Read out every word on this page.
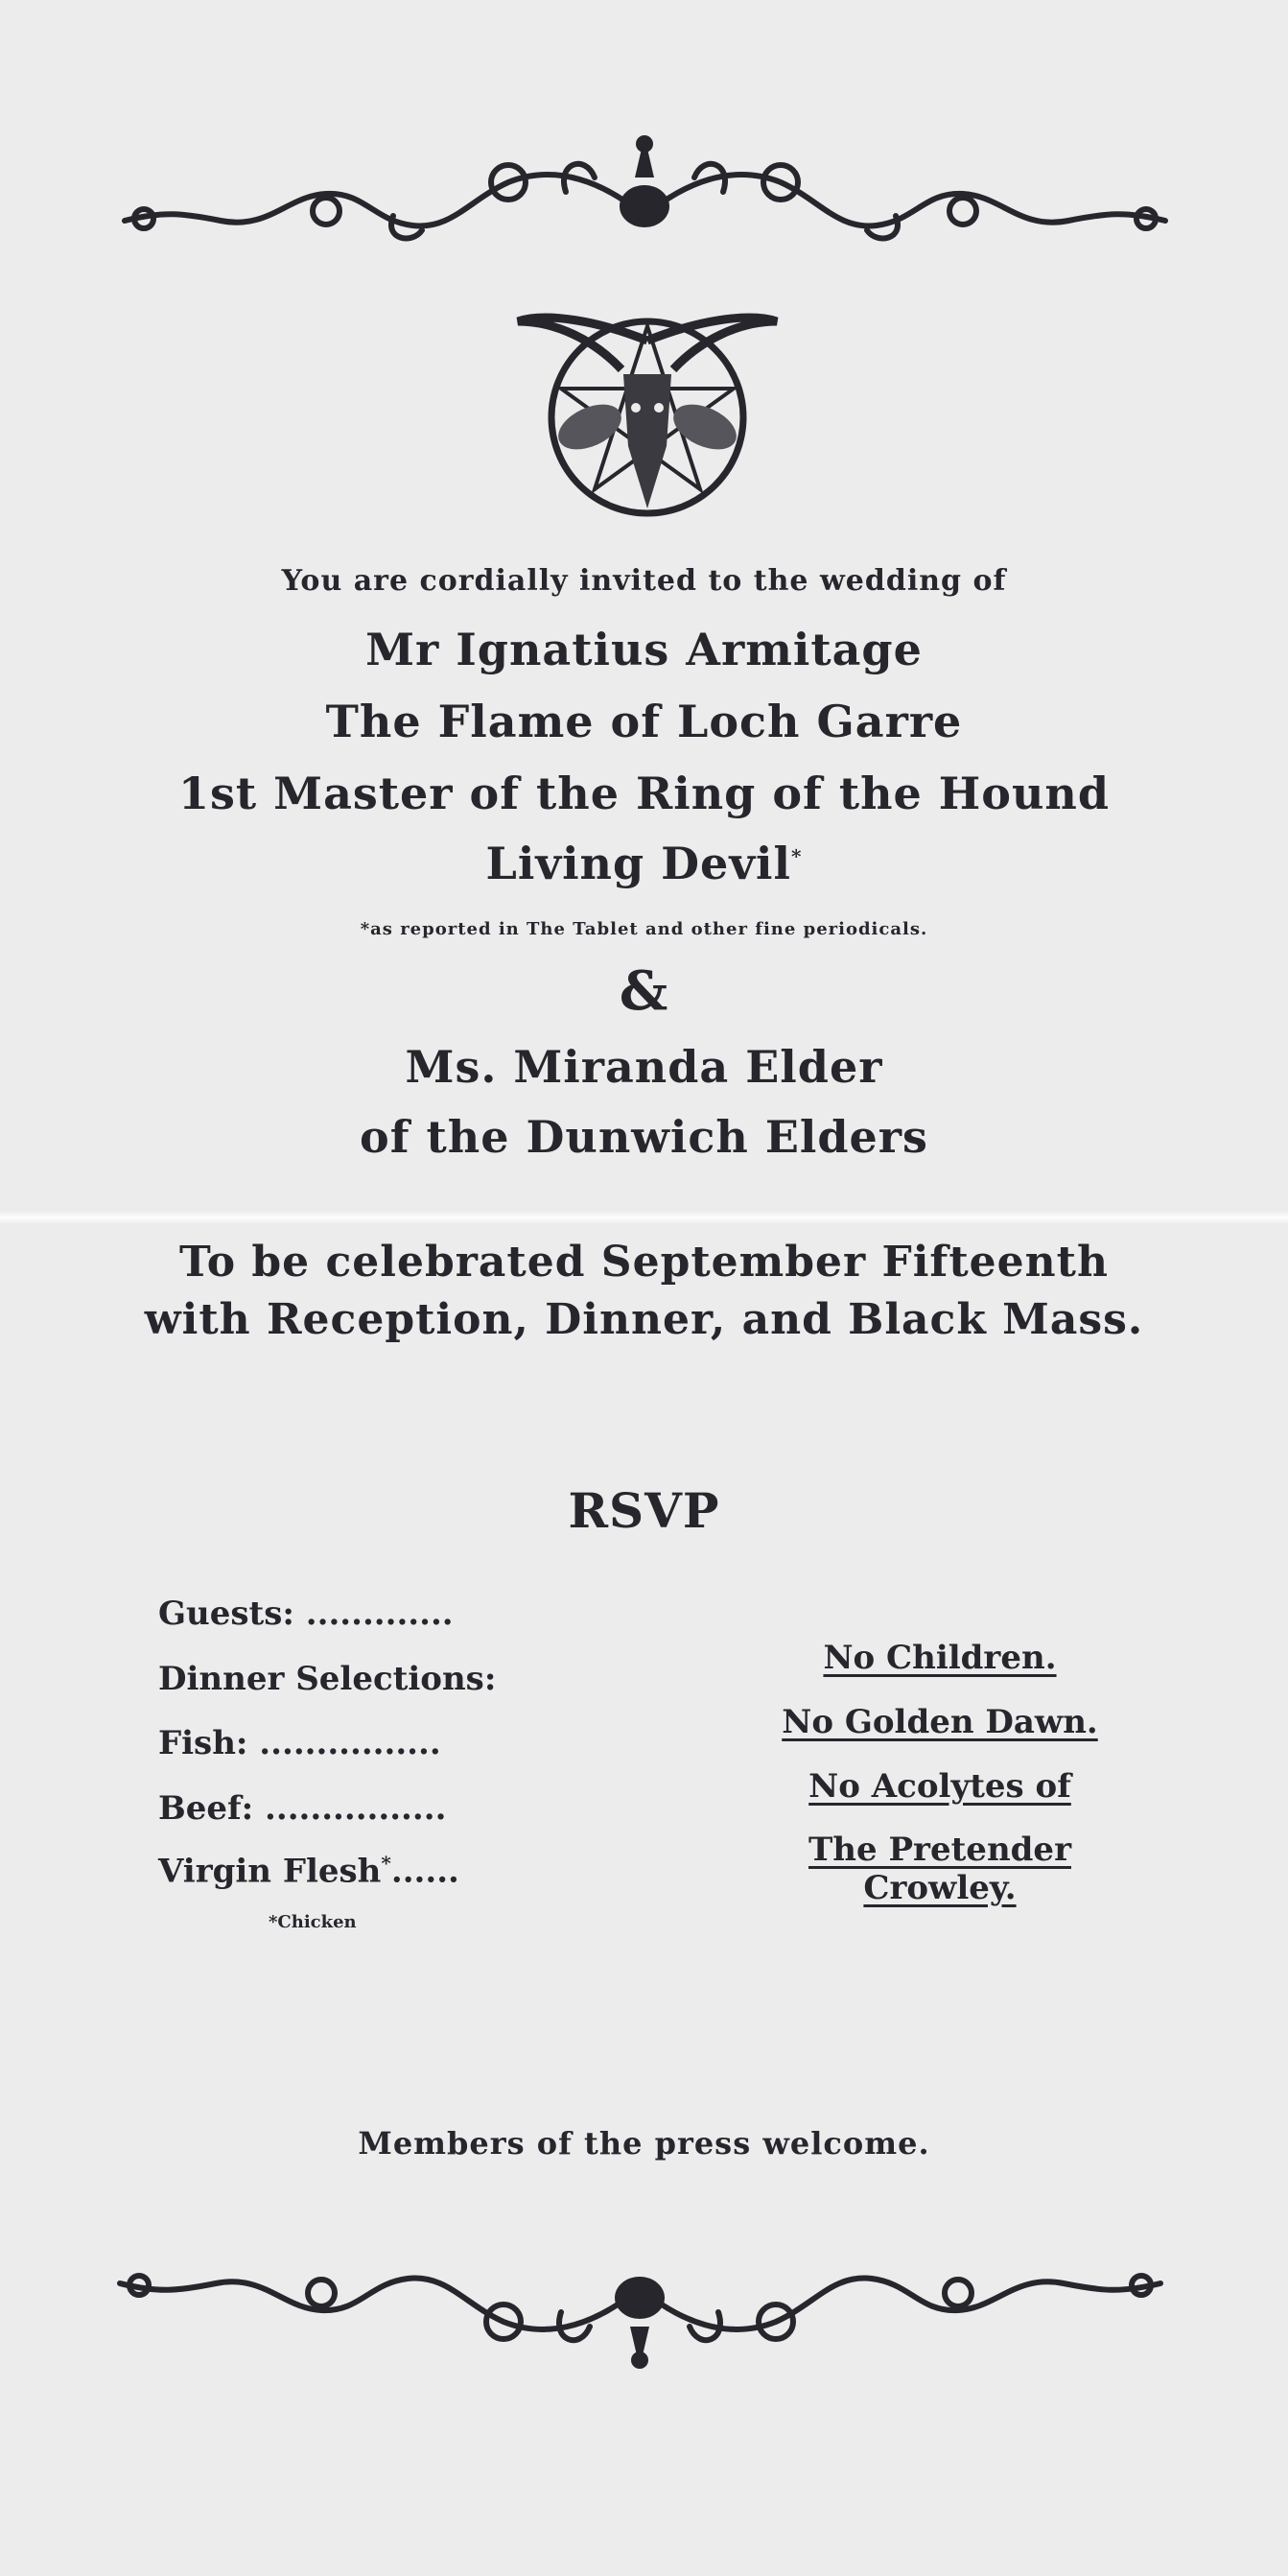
You are cordially invited to the wedding of
Mr Ignatius Armitage
The Flame of Loch Garre
1st Master of the Ring of the Hound
Living Devil*
*as reported in The Tablet and other fine periodicals.
&
Ms. Miranda Elder
of the Dunwich Elders
To be celebrated September Fifteenth
with Reception, Dinner, and Black Mass.
RSVP
Guests: .............
Dinner Selections:
Fish: ................
Beef: ................
Virgin Flesh*......
*Chicken
No Children.
No Golden Dawn.
No Acolytes of
The Pretender Crowley.
Members of the press welcome.
